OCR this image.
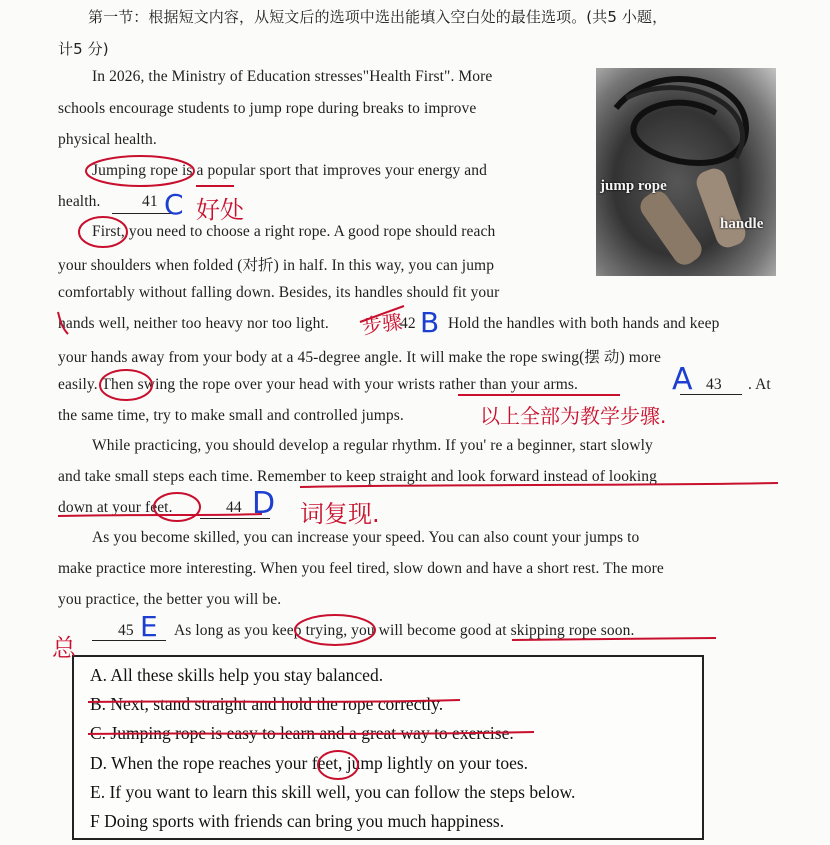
第一节：根据短文内容，从短文后的选项中选出能填入空白处的最佳选项。(共5 小题，
计5 分)
jump rope
handle
In 2026, the Ministry of Education stresses"Health First". More
schools encourage students to jump rope during breaks to improve
physical health.
Jumping rope is a popular sport that improves your energy and
health.	41
First, you need to choose a right rope. A good rope should reach
your shoulders when folded (对折) in half. In this way, you can jump
comfortably without falling down. Besides, its handles should fit your
hands well, neither too heavy nor too light.	42 Hold the handles with both hands and keep
your hands away from your body at a 45-degree angle. It will make the rope swing(摆 动) more
easily. Then swing the rope over your head with your wrists rather than your arms.	43 . At
the same time, try to make small and controlled jumps.
While practicing, you should develop a regular rhythm. If you' re a beginner, start slowly
and take small steps each time. Remember to keep straight and look forward instead of looking
down at your feet.	44
As you become skilled, you can increase your speed. You can also count your jumps to
make practice more interesting. When you feel tired, slow down and have a short rest. The more
you practice, the better you will be.
45	As long as you keep trying, you will become good at skipping rope soon.
A. All these skills help you stay balanced.
B. Next, stand straight and hold the rope correctly.
C. Jumping rope is easy to learn and a great way to exercise.
D. When the rope reaches your feet, jump lightly on your toes.
E. If you want to learn this skill well, you can follow the steps below.
F Doing sports with friends can bring you much happiness.
C 好处
步骤 B
A
以上全部为教学步骤.
D 词复现.
E
总
